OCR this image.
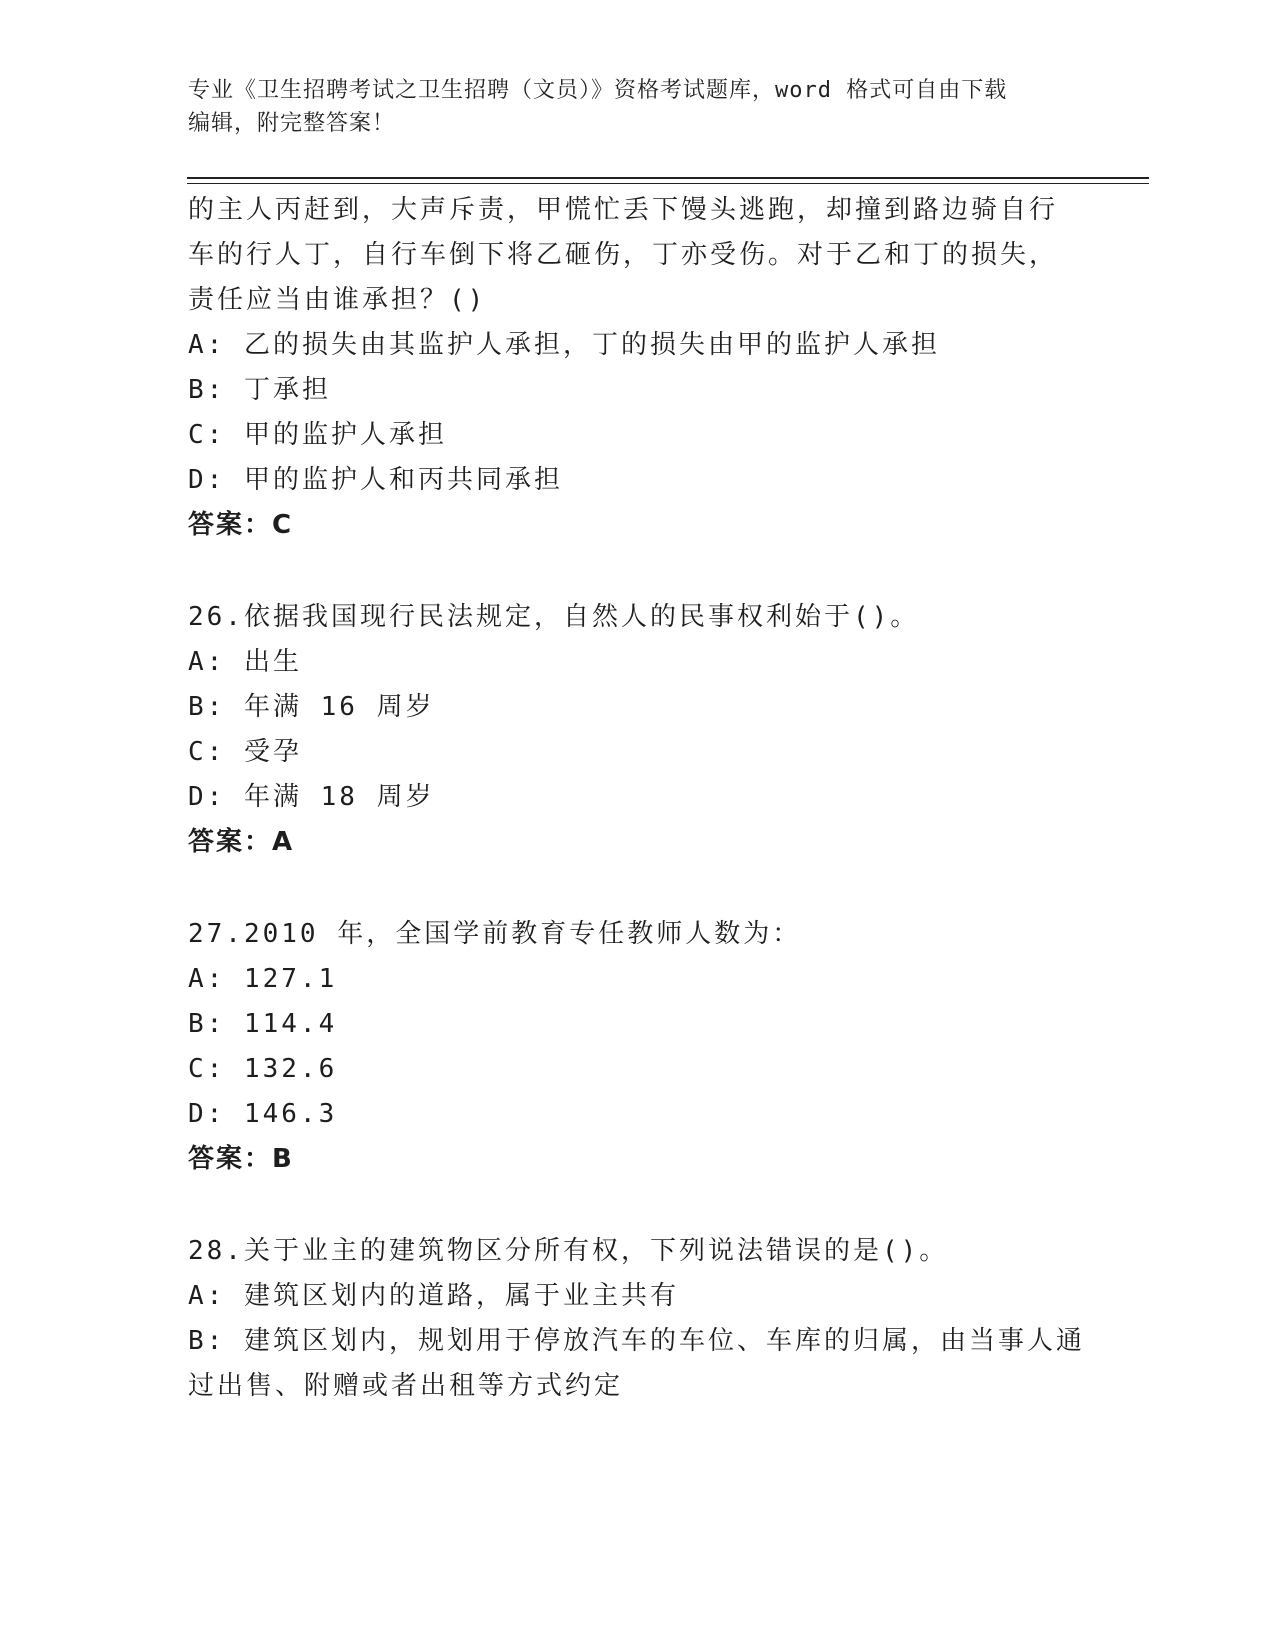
专业《卫生招聘考试之卫生招聘（文员）》资格考试题库，word 格式可自由下载
编辑，附完整答案！
的主人丙赶到，大声斥责，甲慌忙丢下馒头逃跑，却撞到路边骑自行
车的行人丁，自行车倒下将乙砸伤，丁亦受伤。对于乙和丁的损失，
责任应当由谁承担？()
A: 乙的损失由其监护人承担，丁的损失由甲的监护人承担
B: 丁承担
C: 甲的监护人承担
D: 甲的监护人和丙共同承担
答案：C
26.依据我国现行民法规定，自然人的民事权利始于()。
A: 出生
B: 年满 16 周岁
C: 受孕
D: 年满 18 周岁
答案：A
27.2010 年，全国学前教育专任教师人数为：
A: 127.1
B: 114.4
C: 132.6
D: 146.3
答案：B
28.关于业主的建筑物区分所有权，下列说法错误的是()。
A: 建筑区划内的道路，属于业主共有
B: 建筑区划内，规划用于停放汽车的车位、车库的归属，由当事人通
过出售、附赠或者出租等方式约定
